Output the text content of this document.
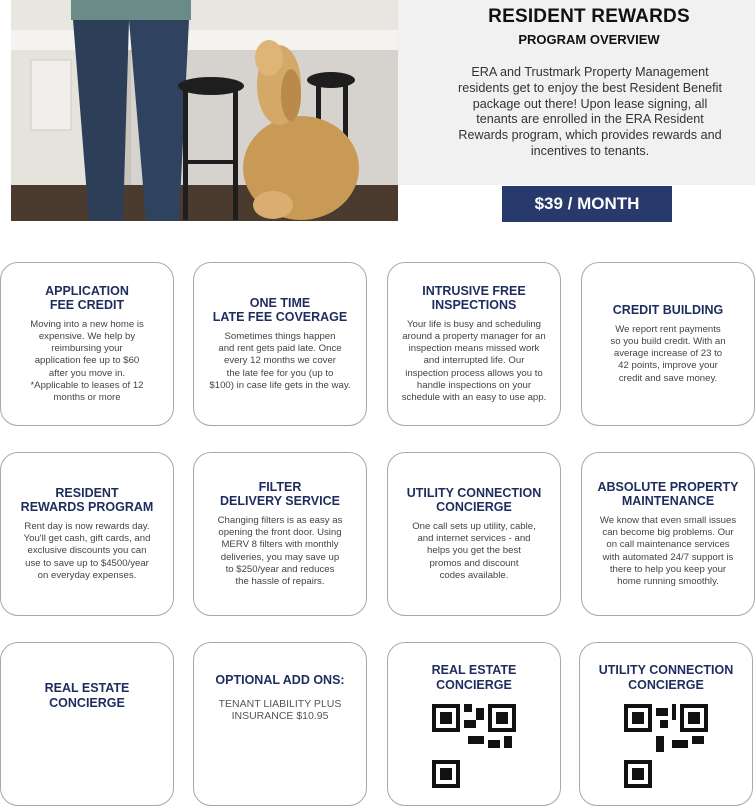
RESIDENT REWARDS
PROGRAM OVERVIEW
ERA and Trustmark Property Management residents get to enjoy the best Resident Benefit package out there! Upon lease signing, all tenants are enrolled in the ERA Resident Rewards program, which provides rewards and incentives to tenants.
$39 / MONTH
APPLICATION
FEE CREDIT
Moving into a new home is
expensive. We help by
reimbursing your
application fee up to $60
after you move in.
*Applicable to leases of 12
months or more
ONE TIME
LATE FEE COVERAGE
Sometimes things happen
and rent gets paid late. Once
every 12 months we cover
the late fee for you (up to
$100) in case life gets in the way.
INTRUSIVE FREE
INSPECTIONS
Your life is busy and scheduling
around a property manager for an
inspection means missed work
and interrupted life. Our
inspection process allows you to
handle inspections on your
schedule with an easy to use app.
CREDIT BUILDING
We report rent payments
so you build credit. With an
average increase of 23 to
42 points, improve your
credit and save money.
RESIDENT
REWARDS PROGRAM
Rent day is now rewards day.
You'll get cash, gift cards, and
exclusive discounts you can
use to save up to $4500/year
on everyday expenses.
FILTER
DELIVERY SERVICE
Changing filters is as easy as
opening the front door. Using
MERV 8 filters with monthly
deliveries, you may save up
to $250/year and reduces
the hassle of repairs.
UTILITY CONNECTION
CONCIERGE
One call sets up utility, cable,
and internet services - and
helps you get the best
promos and discount
codes available.
ABSOLUTE PROPERTY
MAINTENANCE
We know that even small issues
can become big problems. Our
on call maintenance services
with automated 24/7 support is
there to help you keep your
home running smoothly.
REAL ESTATE
CONCIERGE
OPTIONAL ADD ONS:
TENANT LIABILITY PLUS
INSURANCE $10.95
REAL ESTATE
CONCIERGE
UTILITY CONNECTION
CONCIERGE
